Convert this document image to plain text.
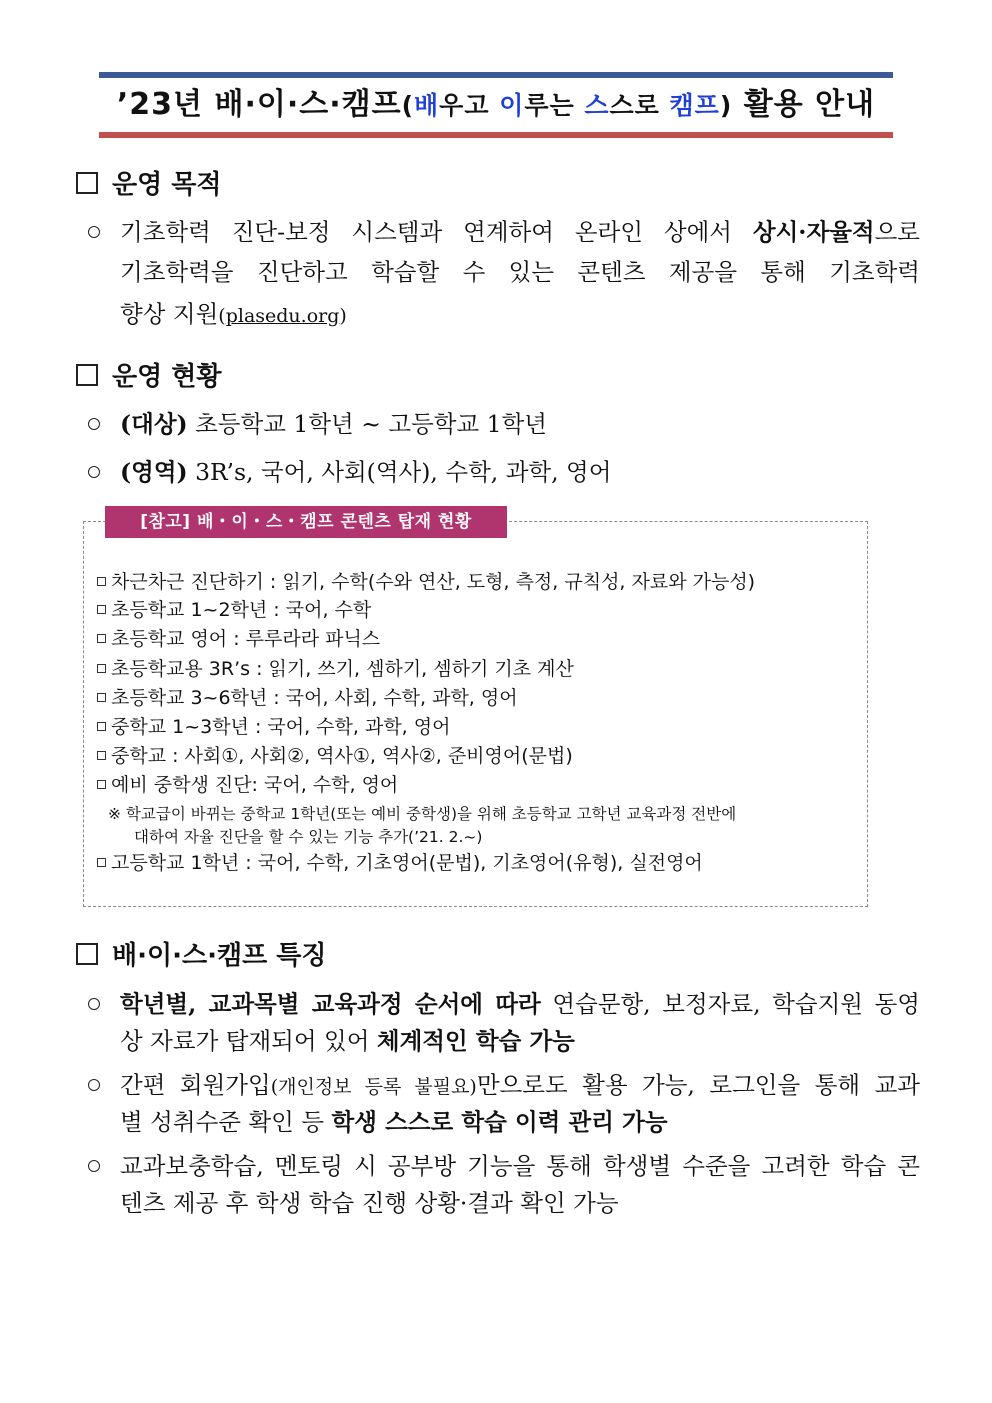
’23년 배·이·스·캠프(배우고 이루는 스스로 캠프) 활용 안내
운영 목적
기초학력 진단-보정 시스템과 연계하여 온라인 상에서 상시·자율적으로
기초학력을 진단하고 학습할 수 있는 콘텐츠 제공을 통해 기초학력
향상 지원(plasedu.org)
운영 현황
(대상) 초등학교 1학년 ~ 고등학교 1학년
(영역) 3R’s, 국어, 사회(역사), 수학, 과학, 영어
[참고] 배・이・스・캠프 콘텐츠 탑재 현황
차근차근 진단하기 : 읽기, 수학(수와 연산, 도형, 측정, 규칙성, 자료와 가능성)
초등학교 1~2학년 : 국어, 수학
초등학교 영어 : 루루라라 파닉스
초등학교용 3R’s : 읽기, 쓰기, 셈하기, 셈하기 기초 계산
초등학교 3~6학년 : 국어, 사회, 수학, 과학, 영어
중학교 1~3학년 : 국어, 수학, 과학, 영어
중학교 : 사회①, 사회②, 역사①, 역사②, 준비영어(문법)
예비 중학생 진단: 국어, 수학, 영어
※ 학교급이 바뀌는 중학교 1학년(또는 예비 중학생)을 위해 초등학교 고학년 교육과정 전반에
대하여 자율 진단을 할 수 있는 기능 추가(’21. 2.~)
고등학교 1학년 : 국어, 수학, 기초영어(문법), 기초영어(유형), 실전영어
배·이·스·캠프 특징
학년별, 교과목별 교육과정 순서에 따라 연습문항, 보정자료, 학습지원 동영
상 자료가 탑재되어 있어 체계적인 학습 가능
간편 회원가입(개인정보 등록 불필요)만으로도 활용 가능, 로그인을 통해 교과
별 성취수준 확인 등 학생 스스로 학습 이력 관리 가능
교과보충학습, 멘토링 시 공부방 기능을 통해 학생별 수준을 고려한 학습 콘
텐츠 제공 후 학생 학습 진행 상황·결과 확인 가능
